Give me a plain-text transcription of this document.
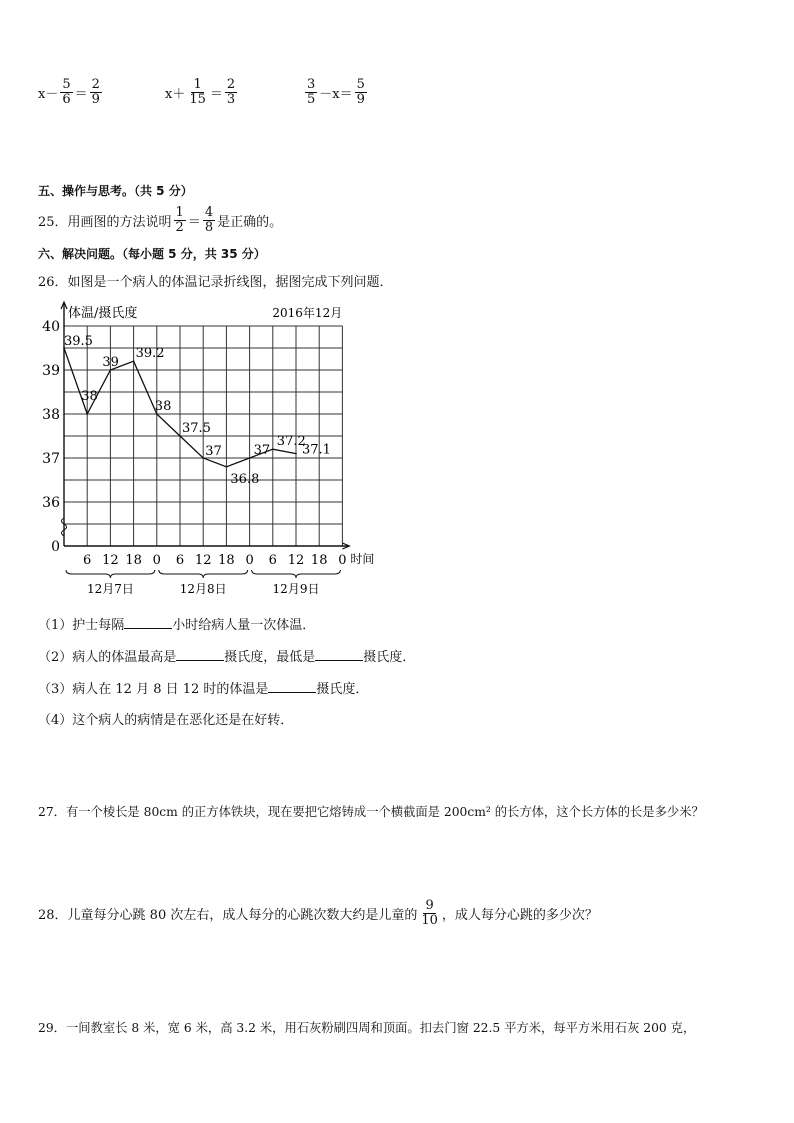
$x- \frac{5}{6} = \frac{2}{9}$	$x+ \frac{1}{15} = \frac{2}{3}$	$\frac{3}{5} -x= \frac{5}{9}$
五、操作与思考。（共 5 分）
25．用画图的方法说明 $\frac{1}{2} = \frac{4}{8}$ 是正确的。
六、解决问题。（每小题 5 分，共 35 分）
26．如图是一个病人的体温记录折线图，据图完成下列问题．
体温/摄氏度	2016年12月
36
37
38
39
40
0
6 12 18 0 6 12 18 0 6 12 18 0 时间
12月7日	12月8日	12月9日
39.5
38
39
39.2
38
37.5
37
36.8
37
37.2
37.1
（1）护士每隔	小时给病人量一次体温．
（2）病人的体温最高是	摄氏度，最低是	摄氏度．
（3）病人在 12 月 8 日 12 时的体温是	摄氏度．
（4）这个病人的病情是在恶化还是在好转．
27．有一个棱长是 80cm 的正方体铁块，现在要把它熔铸成一个横截面是 200cm² 的长方体，这个长方体的长是多少米？
28．儿童每分心跳 80 次左右，成人每分的心跳次数大约是儿童的 $\frac{9}{10}$ ，成人每分心跳的多少次？
29．一间教室长 8 米，宽 6 米，高 3.2 米，用石灰粉刷四周和顶面。扣去门窗 22.5 平方米，每平方米用石灰 200 克，
